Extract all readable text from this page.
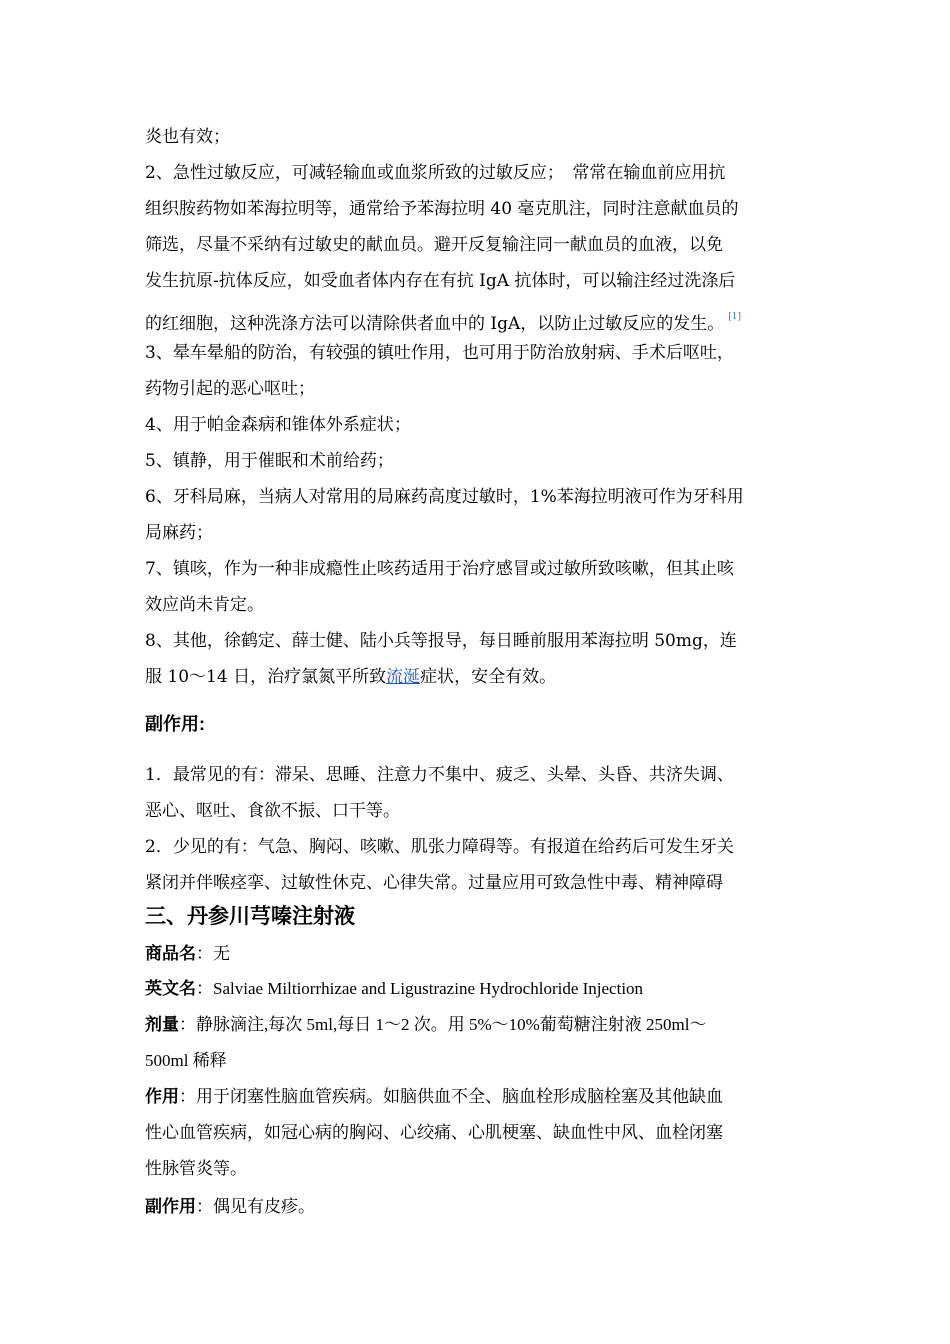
炎也有效；
2、急性过敏反应，可减轻输血或血浆所致的过敏反应；　常常在输血前应用抗
组织胺药物如苯海拉明等，通常给予苯海拉明 40 毫克肌注，同时注意献血员的
筛选，尽量不采纳有过敏史的献血员。避开反复输注同一献血员的血液，以免
发生抗原-抗体反应，如受血者体内存在有抗 IgA 抗体时，可以输注经过洗涤后
的红细胞，这种洗涤方法可以清除供者血中的 IgA，以防止过敏反应的发生。 [1]
3、晕车晕船的防治，有较强的镇吐作用，也可用于防治放射病、手术后呕吐，
药物引起的恶心呕吐；
4、用于帕金森病和锥体外系症状；
5、镇静，用于催眠和术前给药；
6、牙科局麻，当病人对常用的局麻药高度过敏时，1%苯海拉明液可作为牙科用
局麻药；
7、镇咳，作为一种非成瘾性止咳药适用于治疗感冒或过敏所致咳嗽，但其止咳
效应尚未肯定。
8、其他，徐鹤定、薛士健、陆小兵等报导，每日睡前服用苯海拉明 50mg，连
服 10～14 日，治疗氯氮平所致流涎症状，安全有效。
副作用:
1．最常见的有：滞呆、思睡、注意力不集中、疲乏、头晕、头昏、共济失调、
恶心、呕吐、食欲不振、口干等。
2．少见的有：气急、胸闷、咳嗽、肌张力障碍等。有报道在给药后可发生牙关
紧闭并伴喉痉挛、过敏性休克、心律失常。过量应用可致急性中毒、精神障碍
三、丹参川芎嗪注射液
商品名：无
英文名：Salviae Miltiorrhizae and Ligustrazine Hydrochloride Injection
剂量：静脉滴注,每次 5ml,每日 1～2 次。用 5%～10%葡萄糖注射液 250ml～
500ml 稀释
作用：用于闭塞性脑血管疾病。如脑供血不全、脑血栓形成脑栓塞及其他缺血
性心血管疾病，如冠心病的胸闷、心绞痛、心肌梗塞、缺血性中风、血栓闭塞
性脉管炎等。
副作用：偶见有皮疹。
